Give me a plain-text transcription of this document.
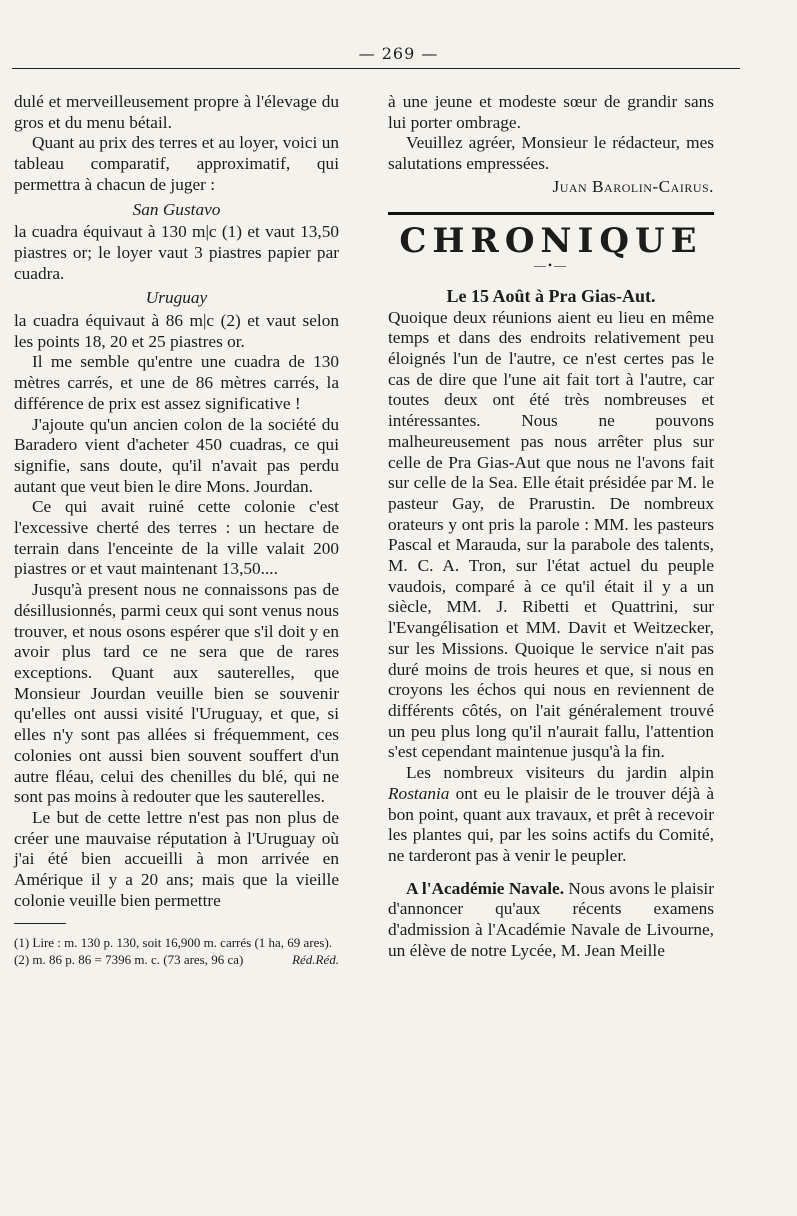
— 269 —

dulé et merveilleusement propre à l'élevage du gros et du menu bétail.

Quant au prix des terres et au loyer, voici un tableau comparatif, approximatif, qui permettra à chacun de juger :

San Gustavo

la cuadra équivaut à 130 m|c (1) et vaut 13,50 piastres or; le loyer vaut 3 piastres papier par cuadra.

Uruguay

la cuadra équivaut à 86 m|c (2) et vaut selon les points 18, 20 et 25 piastres or.

Il me semble qu'entre une cuadra de 130 mètres carrés, et une de 86 mètres carrés, la différence de prix est assez significative !

J'ajoute qu'un ancien colon de la société du Baradero vient d'acheter 450 cuadras, ce qui signifie, sans doute, qu'il n'avait pas perdu autant que veut bien le dire Mons. Jourdan.

Ce qui avait ruiné cette colonie c'est l'excessive cherté des terres : un hectare de terrain dans l'enceinte de la ville valait 200 piastres or et vaut maintenant 13,50....

Jusqu'à present nous ne connaissons pas de désillusionnés, parmi ceux qui sont venus nous trouver, et nous osons espérer que s'il doit y en avoir plus tard ce ne sera que de rares exceptions. Quant aux sauterelles, que Monsieur Jourdan veuille bien se souvenir qu'elles ont aussi visité l'Uruguay, et que, si elles n'y sont pas allées si fréquemment, ces colonies ont aussi bien souvent souffert d'un autre fléau, celui des chenilles du blé, qui ne sont pas moins à redouter que les sauterelles.

Le but de cette lettre n'est pas non plus de créer une mauvaise réputation à l'Uruguay où j'ai été bien accueilli à mon arrivée en Amérique il y a 20 ans; mais que la vieille colonie veuille bien permettre

(1) Lire : m. 130 p. 130, soit 16,900 m. carrés (1 ha, 69 ares).
Réd.

(2) m. 86 p. 86 = 7396 m. c. (73 ares, 96 ca)	Réd.

à une jeune et modeste sœur de grandir sans lui porter ombrage.

Veuillez agréer, Monsieur le rédacteur, mes salutations empressées.

Juan Barolin-Cairus.

CHRONIQUE

—•—

Le 15 Août à Pra Gias-Aut.

Quoique deux réunions aient eu lieu en même temps et dans des endroits relativement peu éloignés l'un de l'autre, ce n'est certes pas le cas de dire que l'une ait fait tort à l'autre, car toutes deux ont été très nombreuses et intéressantes. Nous ne pouvons malheureusement pas nous arrêter plus sur celle de Pra Gias-Aut que nous ne l'avons fait sur celle de la Sea. Elle était présidée par M. le pasteur Gay, de Prarustin. De nombreux orateurs y ont pris la parole : MM. les pasteurs Pascal et Marauda, sur la parabole des talents, M. C. A. Tron, sur l'état actuel du peuple vaudois, comparé à ce qu'il était il y a un siècle, MM. J. Ribetti et Quattrini, sur l'Evangélisation et MM. Davit et Weitzecker, sur les Missions. Quoique le service n'ait pas duré moins de trois heures et que, si nous en croyons les échos qui nous en reviennent de différents côtés, on l'ait généralement trouvé un peu plus long qu'il n'aurait fallu, l'attention s'est cependant maintenue jusqu'à la fin.

Les nombreux visiteurs du jardin alpin Rostania ont eu le plaisir de le trouver déjà à bon point, quant aux travaux, et prêt à recevoir les plantes qui, par les soins actifs du Comité, ne tarderont pas à venir le peupler.

A l'Académie Navale. Nous avons le plaisir d'annoncer qu'aux récents examens d'admission à l'Académie Navale de Livourne, un élève de notre Lycée, M. Jean Meille
